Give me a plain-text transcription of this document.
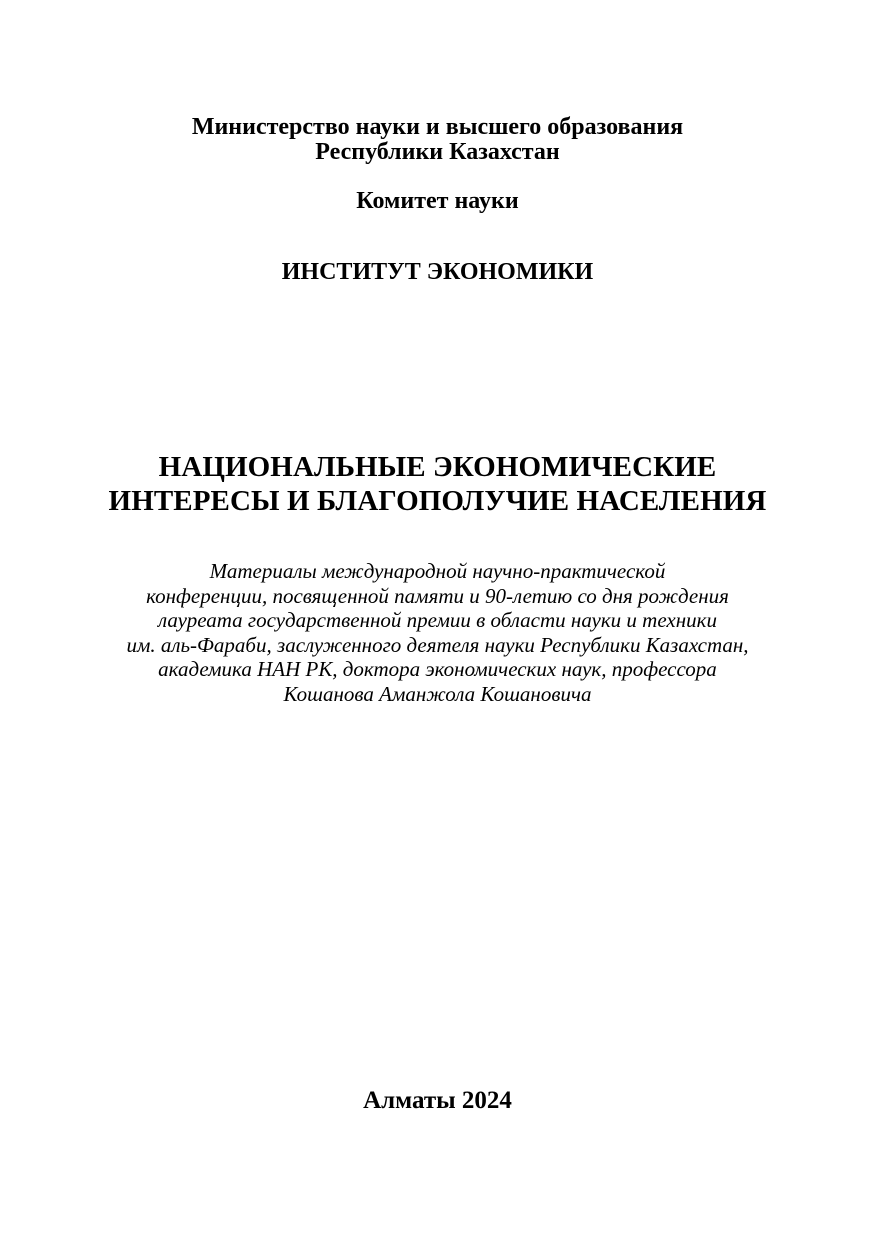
Министерство науки и высшего образования
Республики Казахстан
Комитет науки
ИНСТИТУТ ЭКОНОМИКИ
НАЦИОНАЛЬНЫЕ ЭКОНОМИЧЕСКИЕ
ИНТЕРЕСЫ И БЛАГОПОЛУЧИЕ НАСЕЛЕНИЯ
Материалы международной научно-практической
конференции, посвященной памяти и 90-летию со дня рождения
лауреата государственной премии в области науки и техники
им. аль-Фараби, заслуженного деятеля науки Республики Казахстан,
академика НАН РК, доктора экономических наук, профессора
Кошанова Аманжола Кошановича
Алматы 2024
